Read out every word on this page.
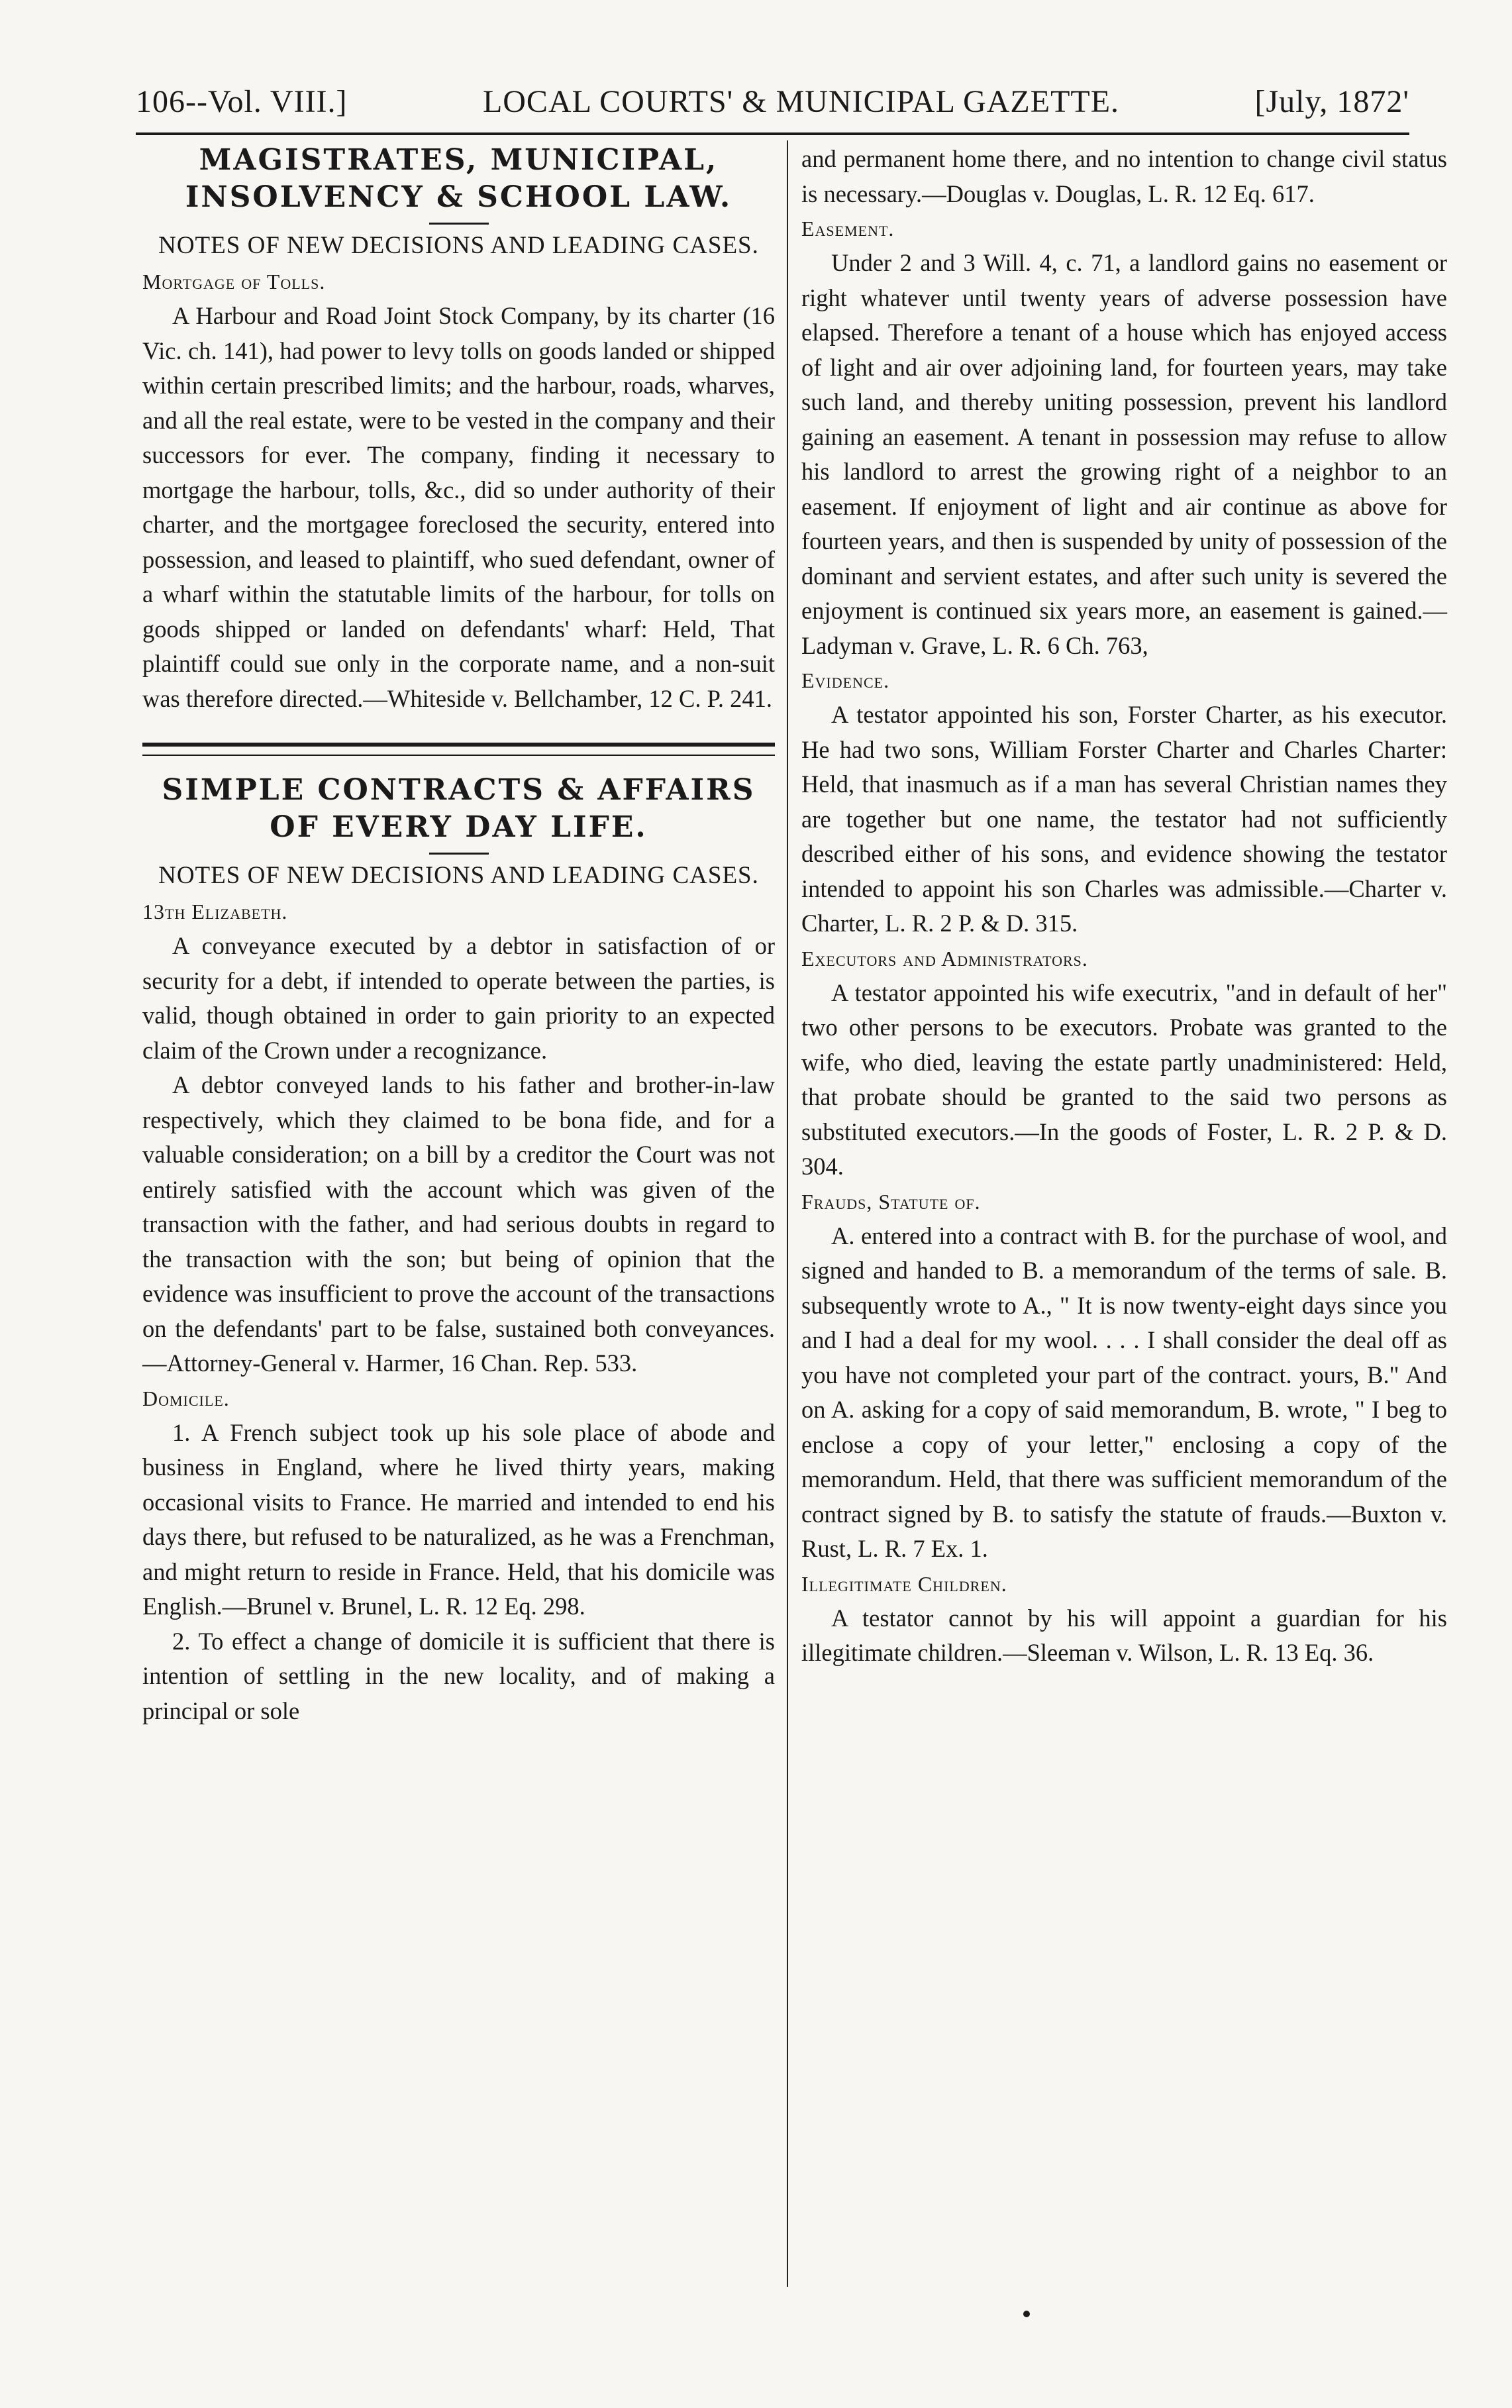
106--Vol. VIII.]	LOCAL COURTS' & MUNICIPAL GAZETTE.	[July, 1872'
MAGISTRATES, MUNICIPAL,
INSOLVENCY & SCHOOL LAW.

NOTES OF NEW DECISIONS AND LEADING CASES.

Mortgage of Tolls.

A Harbour and Road Joint Stock Company, by its charter (16 Vic. ch. 141), had power to levy tolls on goods landed or shipped within certain prescribed limits; and the harbour, roads, wharves, and all the real estate, were to be vested in the company and their successors for ever. The company, finding it necessary to mortgage the harbour, tolls, &c., did so under authority of their charter, and the mortgagee foreclosed the security, entered into possession, and leased to plaintiff, who sued defendant, owner of a wharf within the statutable limits of the harbour, for tolls on goods shipped or landed on defendants' wharf: Held, That plaintiff could sue only in the corporate name, and a non-suit was therefore directed.—Whiteside v. Bellchamber, 12 C. P. 241.

SIMPLE CONTRACTS & AFFAIRS
OF EVERY DAY LIFE.

NOTES OF NEW DECISIONS AND LEADING CASES.

13th Elizabeth.

A conveyance executed by a debtor in satisfaction of or security for a debt, if intended to operate between the parties, is valid, though obtained in order to gain priority to an expected claim of the Crown under a recognizance.

A debtor conveyed lands to his father and brother-in-law respectively, which they claimed to be bona fide, and for a valuable consideration; on a bill by a creditor the Court was not entirely satisfied with the account which was given of the transaction with the father, and had serious doubts in regard to the transaction with the son; but being of opinion that the evidence was insufficient to prove the account of the transactions on the defendants' part to be false, sustained both conveyances.—Attorney-General v. Harmer, 16 Chan. Rep. 533.

Domicile.

1. A French subject took up his sole place of abode and business in England, where he lived thirty years, making occasional visits to France. He married and intended to end his days there, but refused to be naturalized, as he was a Frenchman, and might return to reside in France. Held, that his domicile was English.—Brunel v. Brunel, L. R. 12 Eq. 298.

2. To effect a change of domicile it is sufficient that there is intention of settling in the new locality, and of making a principal or sole

and permanent home there, and no intention to change civil status is necessary.—Douglas v. Douglas, L. R. 12 Eq. 617.

Easement.

Under 2 and 3 Will. 4, c. 71, a landlord gains no easement or right whatever until twenty years of adverse possession have elapsed. Therefore a tenant of a house which has enjoyed access of light and air over adjoining land, for fourteen years, may take such land, and thereby uniting possession, prevent his landlord gaining an easement. A tenant in possession may refuse to allow his landlord to arrest the growing right of a neighbor to an easement. If enjoyment of light and air continue as above for fourteen years, and then is suspended by unity of possession of the dominant and servient estates, and after such unity is severed the enjoyment is continued six years more, an easement is gained.—Ladyman v. Grave, L. R. 6 Ch. 763,

Evidence.

A testator appointed his son, Forster Charter, as his executor. He had two sons, William Forster Charter and Charles Charter: Held, that inasmuch as if a man has several Christian names they are together but one name, the testator had not sufficiently described either of his sons, and evidence showing the testator intended to appoint his son Charles was admissible.—Charter v. Charter, L. R. 2 P. & D. 315.

Executors and Administrators.

A testator appointed his wife executrix, "and in default of her" two other persons to be executors. Probate was granted to the wife, who died, leaving the estate partly unadministered: Held, that probate should be granted to the said two persons as substituted executors.—In the goods of Foster, L. R. 2 P. & D. 304.

Frauds, Statute of.

A. entered into a contract with B. for the purchase of wool, and signed and handed to B. a memorandum of the terms of sale. B. subsequently wrote to A., " It is now twenty-eight days since you and I had a deal for my wool. . . . I shall consider the deal off as you have not completed your part of the contract. yours, B." And on A. asking for a copy of said memorandum, B. wrote, " I beg to enclose a copy of your letter," enclosing a copy of the memorandum. Held, that there was sufficient memorandum of the contract signed by B. to satisfy the statute of frauds.—Buxton v. Rust, L. R. 7 Ex. 1.

Illegitimate Children.

A testator cannot by his will appoint a guardian for his illegitimate children.—Sleeman v. Wilson, L. R. 13 Eq. 36.
